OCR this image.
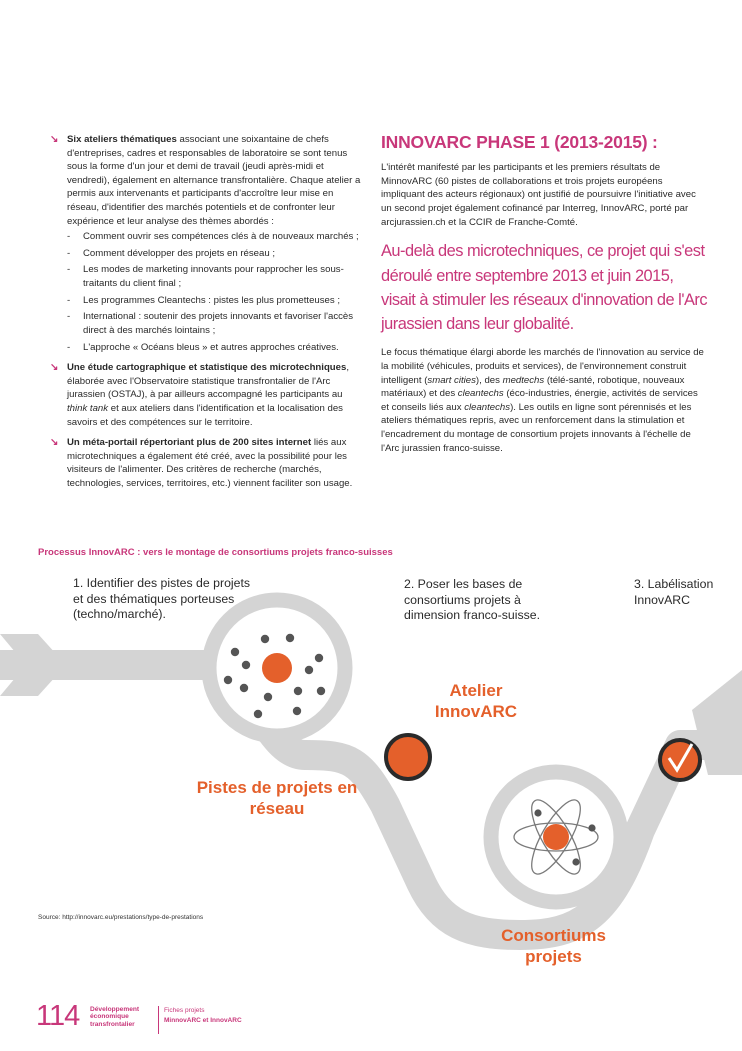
↘ Six ateliers thématiques associant une soixantaine de chefs d'entreprises, cadres et responsables de laboratoire se sont tenus sous la forme d'un jour et demi de travail (jeudi après-midi et vendredi), également en alternance transfrontalière. Chaque atelier a permis aux intervenants et participants d'accroître leur mise en réseau, d'identifier des marchés potentiels et de confronter leur expérience et leur analyse des thèmes abordés :
- Comment ouvrir ses compétences clés à de nouveaux marchés ;
- Comment développer des projets en réseau ;
- Les modes de marketing innovants pour rapprocher les sous-traitants du client final ;
- Les programmes Cleantechs : pistes les plus prometteuses ;
- International : soutenir des projets innovants et favoriser l'accès direct à des marchés lointains ;
- L'approche « Océans bleus » et autres approches créatives.
↘ Une étude cartographique et statistique des microtechniques, élaborée avec l'Observatoire statistique transfrontalier de l'Arc jurassien (OSTAJ), à par ailleurs accompagné les participants au think tank et aux ateliers dans l'identification et la localisation des savoirs et des compétences sur le territoire.
↘ Un méta-portail répertoriant plus de 200 sites internet liés aux microtechniques a également été créé, avec la possibilité pour les visiteurs de l'alimenter. Des critères de recherche (marchés, technologies, services, territoires, etc.) viennent faciliter son usage.
INNOVARC PHASE 1 (2013-2015) :

L'intérêt manifesté par les participants et les premiers résultats de MinnovARC (60 pistes de collaborations et trois projets européens impliquant des acteurs régionaux) ont justifié de poursuivre l'initiative avec un second projet également cofinancé par Interreg, InnovARC, porté par arcjurassien.ch et la CCIR de Franche-Comté.

Au-delà des microtechniques, ce projet qui s'est déroulé entre septembre 2013 et juin 2015, visait à stimuler les réseaux d'innovation de l'Arc jurassien dans leur globalité.

Le focus thématique élargi aborde les marchés de l'innovation au service de la mobilité (véhicules, produits et services), de l'environnement construit intelligent (smart cities), des medtechs (télé-santé, robotique, nouveaux matériaux) et des cleantechs (éco-industries, énergie, activités de services et conseils liés aux cleantechs). Les outils en ligne sont pérennisés et les ateliers thématiques repris, avec un renforcement dans la stimulation et l'encadrement du montage de consortium projets innovants à l'échelle de l'Arc jurassien franco-suisse.

Processus InnovARC : vers le montage de consortiums projets franco-suisses
1. Identifier des pistes de projets et des thématiques porteuses (techno/marché).
2. Poser les bases de consortiums projets à dimension franco-suisse.
3. Labélisation InnovARC
Pistes de projets en réseau
Atelier InnovARC
Consortiums projets
Source: http://innovarc.eu/prestations/type-de-prestations
114 Développement économique transfrontalier
Fiches projets
MinnovARC et InnovARC
